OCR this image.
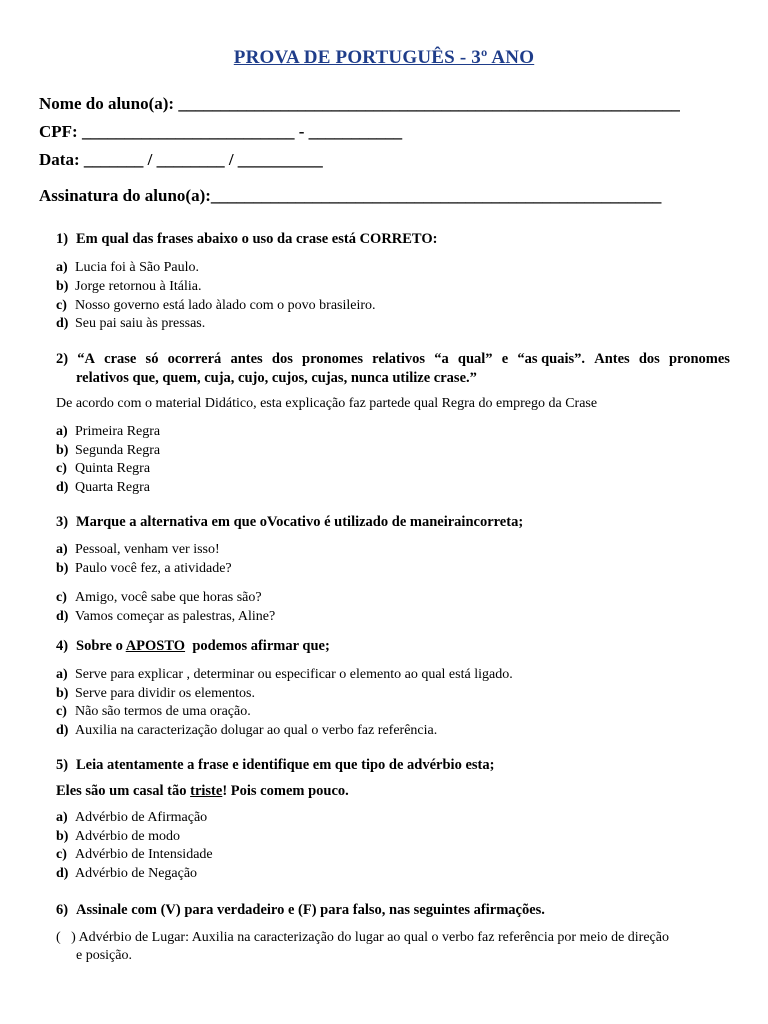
PROVA DE PORTUGUÊS - 3º ANO
Nome do aluno(a): ___________________________________________________________
CPF: _________________________ - ___________
Data: _______ / ________ / __________
Assinatura do aluno(a):_____________________________________________________
1) Em qual das frases abaixo o uso da crase está CORRETO:
a) Lucia foi à São Paulo.
b) Jorge retornou à Itália.
c) Nosso governo está lado àlado com o povo brasileiro.
d) Seu pai saiu às pressas.
2) “A crase só ocorrerá antes dos pronomes relativos “a qual” e “as quais”. Antes dos pronomes
relativos que, quem, cuja, cujo, cujos, cujas, nunca utilize crase.”
De acordo com o material Didático, esta explicação faz partede qual Regra do emprego da Crase
a) Primeira Regra
b) Segunda Regra
c) Quinta Regra
d) Quarta Regra
3) Marque a alternativa em que oVocativo é utilizado de maneiraincorreta;
a) Pessoal, venham ver isso!
b) Paulo você fez, a atividade?
c) Amigo, você sabe que horas são?
d) Vamos começar as palestras, Aline?
4) Sobre o APOSTO  podemos afirmar que;
a) Serve para explicar , determinar ou especificar o elemento ao qual está ligado.
b) Serve para dividir os elementos.
c) Não são termos de uma oração.
d) Auxilia na caracterização dolugar ao qual o verbo faz referência.
5) Leia atentamente a frase e identifique em que tipo de advérbio esta;
Eles são um casal tão triste! Pois comem pouco.
a) Advérbio de Afirmação
b) Advérbio de modo
c) Advérbio de Intensidade
d) Advérbio de Negação
6) Assinale com (V) para verdadeiro e (F) para falso, nas seguintes afirmações.
(   ) Advérbio de Lugar: Auxilia na caracterização do lugar ao qual o verbo faz referência por meio de direção
e posição.
